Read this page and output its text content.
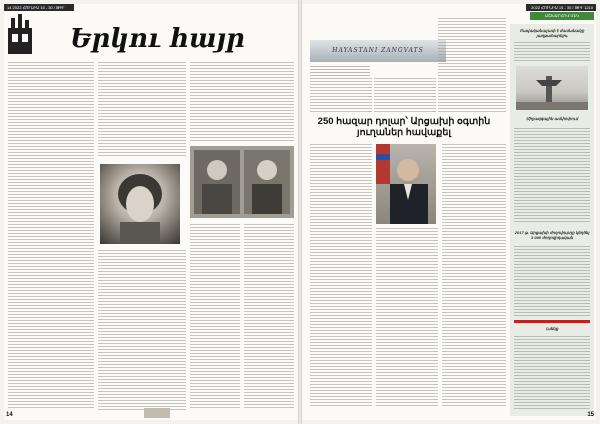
14 2022 ՀՈՒՆԻՍ 15 - 30 / ԹԻՒ 1210
Երկու հայր
14
2022 ՀՈՒՆԻՍ 15 - 30 / ԹԻՒ 1210
ԱՇԽԱՐՀՈՎ ՄԷԿ
HAYASTANI ZANGVATS
250 հազար դոլար՝ Արցախի օգտին յուղաներ հավաքել
Բավականաչափ է ժամանակը յաղթահարելու
Միջազգային ամփոփում
2017 թ. Արցախի ժողովուրդը կեղծել 3 000 ժողովրդական
Լսենք
15
